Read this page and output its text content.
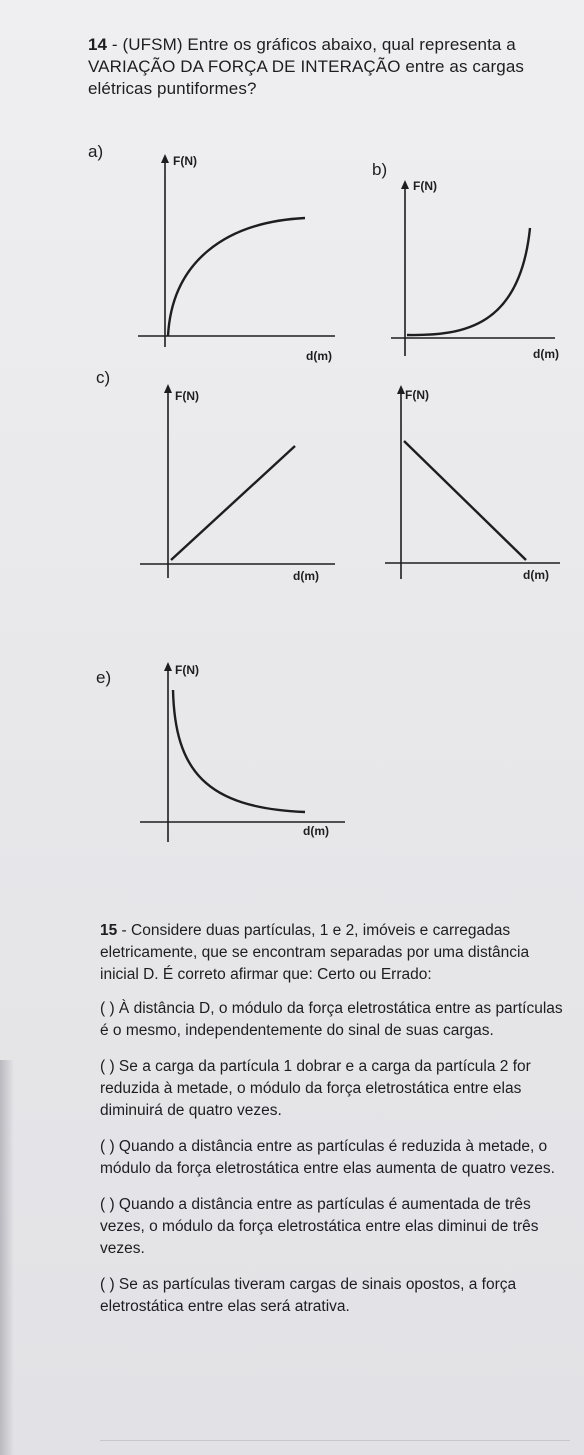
14 - (UFSM) Entre os gráficos abaixo, qual representa a VARIAÇÃO DA FORÇA DE INTERAÇÃO entre as cargas elétricas puntiformes?
a)	F(N)
d(m)
b)
F(N)
d(m)
c)
F(N)
d(m)
F(N)
d(m)
e)	F(N)
d(m)

15 - Considere duas partículas, 1 e 2, imóveis e carregadas eletricamente, que se encontram separadas por uma distância inicial D. É correto afirmar que: Certo ou Errado:

( ) À distância D, o módulo da força eletrostática entre as partículas é o mesmo, independentemente do sinal de suas cargas.

( ) Se a carga da partícula 1 dobrar e a carga da partícula 2 for reduzida à metade, o módulo da força eletrostática entre elas diminuirá de quatro vezes.

( ) Quando a distância entre as partículas é reduzida à metade, o módulo da força eletrostática entre elas aumenta de quatro vezes.

( ) Quando a distância entre as partículas é aumentada de três vezes, o módulo da força eletrostática entre elas diminui de três vezes.

( ) Se as partículas tiveram cargas de sinais opostos, a força eletrostática entre elas será atrativa.
